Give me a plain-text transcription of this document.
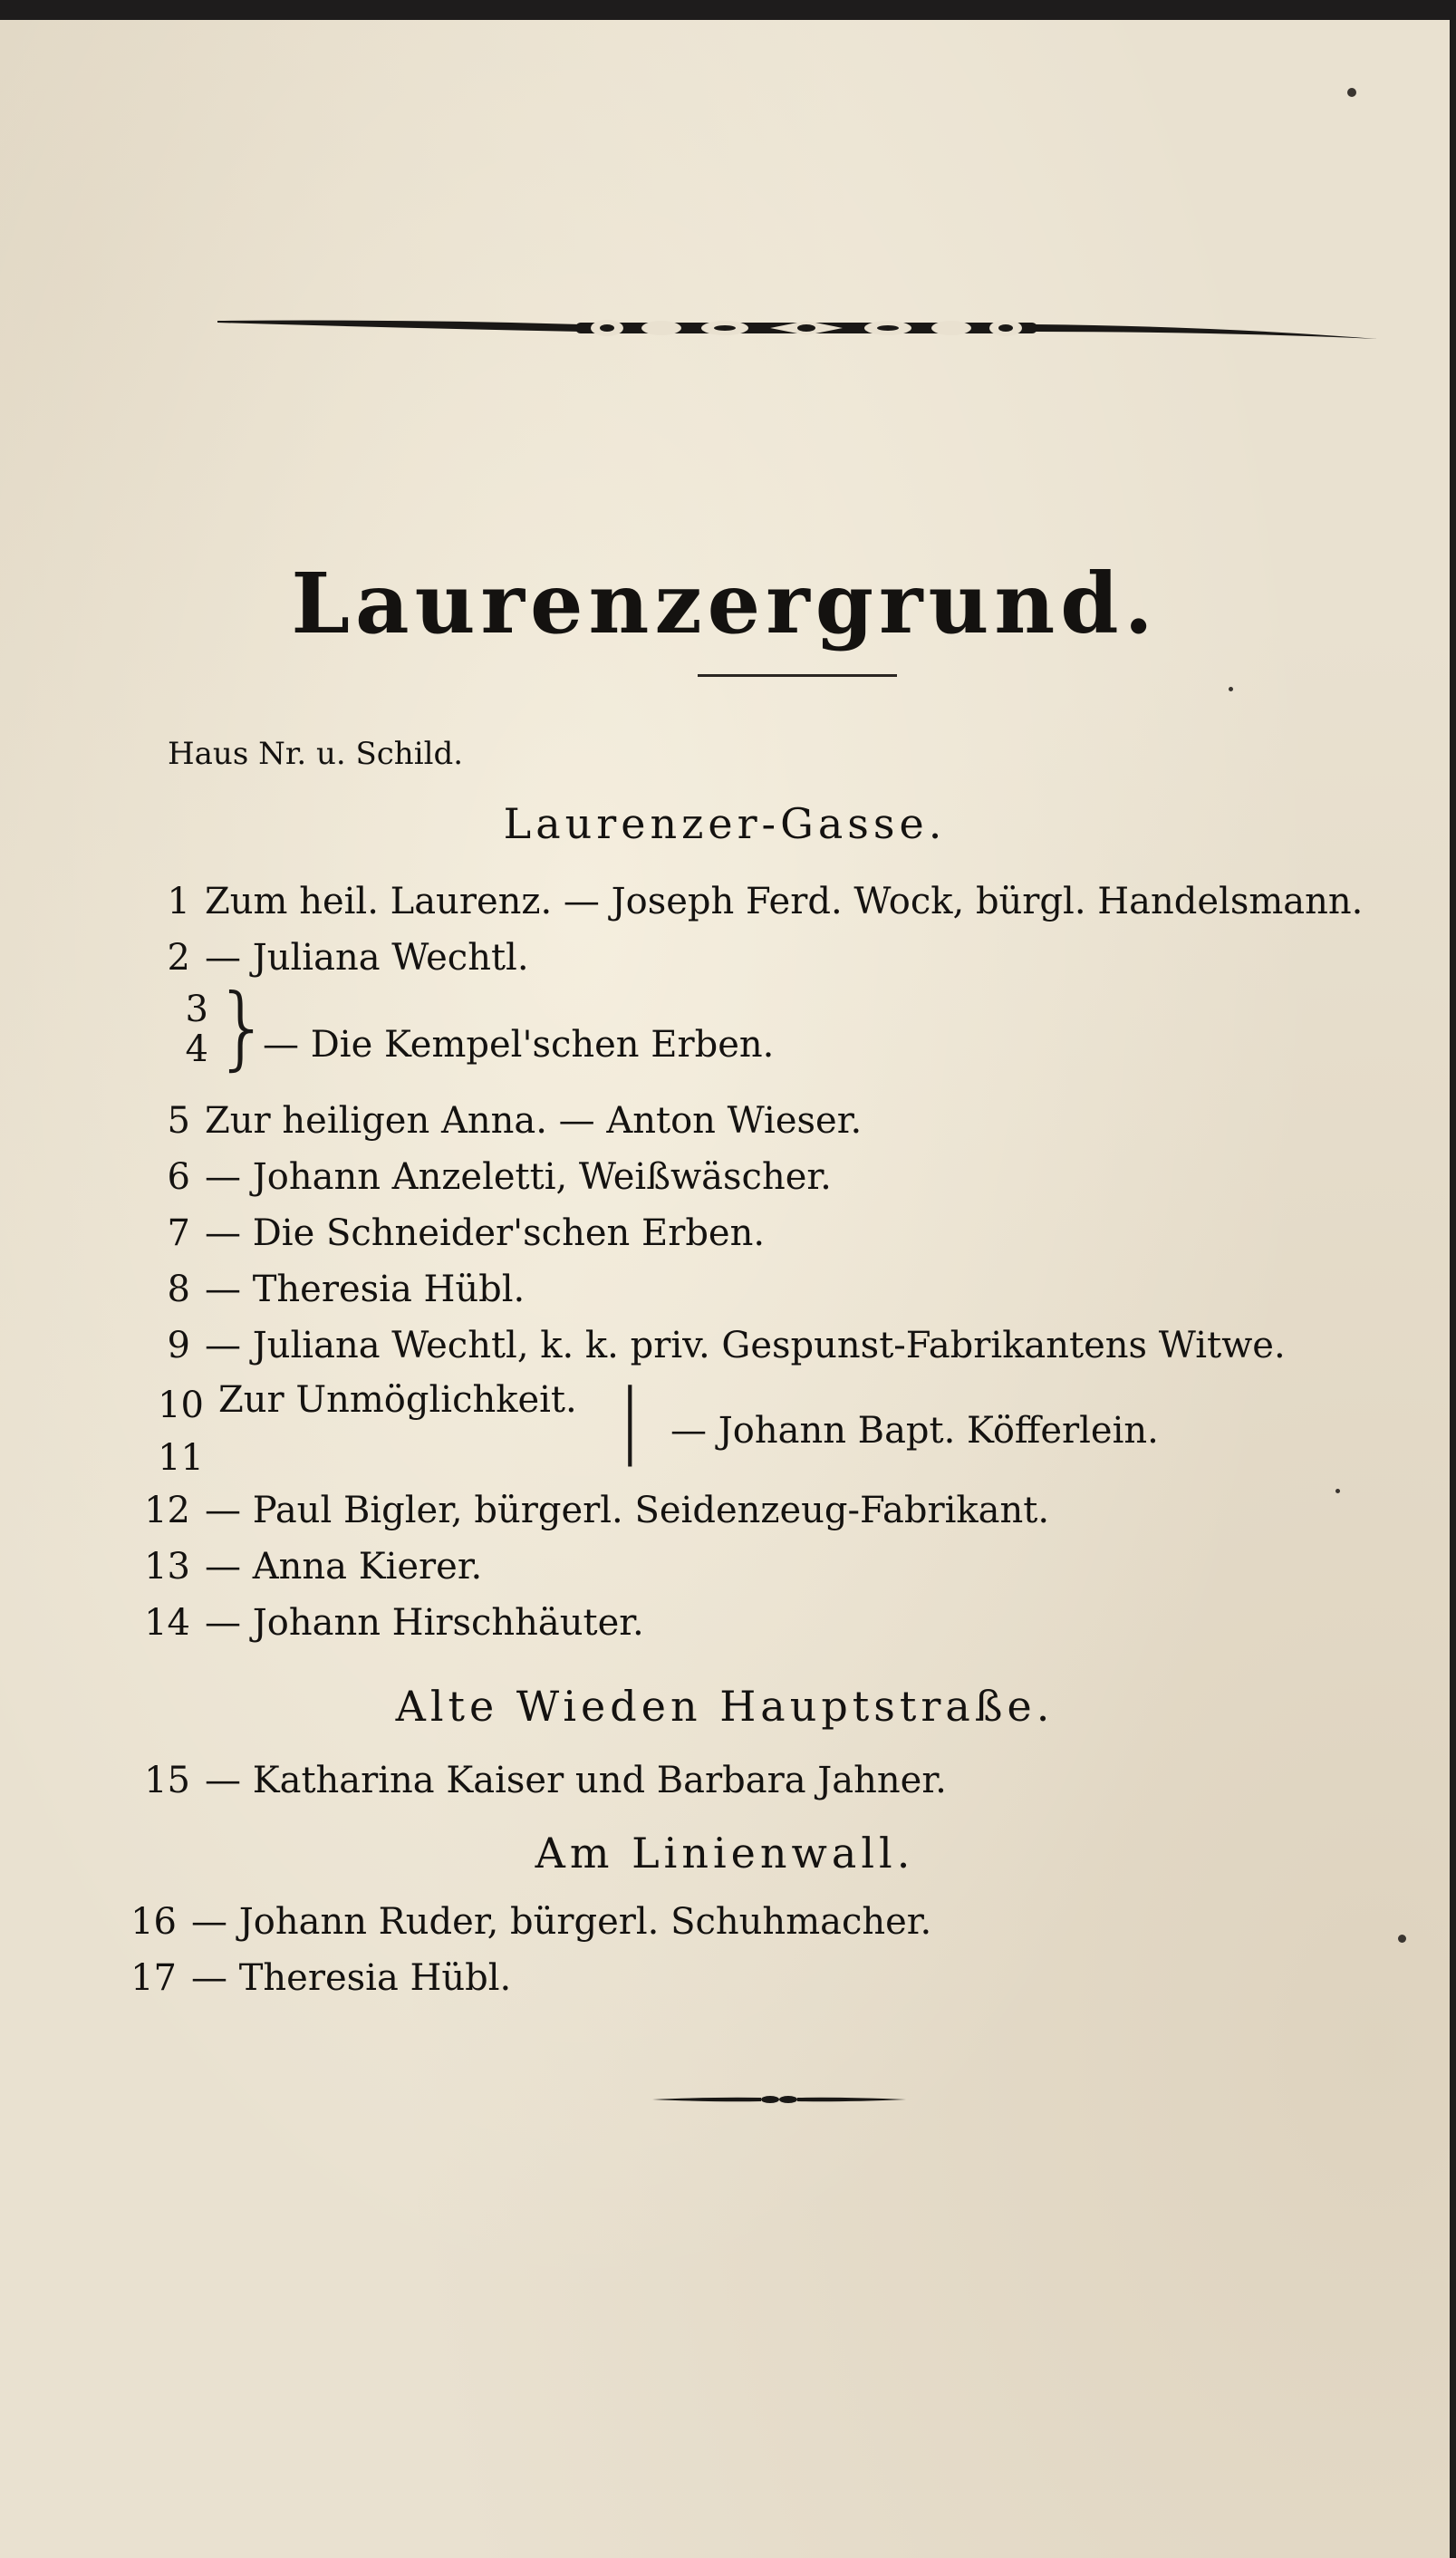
Laurenzergrund.
Haus Nr. u. Schild.
Laurenzer-Gasse.
1 Zum heil. Laurenz. — Joseph Ferd. Wock, bürgl. Handelsmann.
2 — Juliana Wechtl.
3
4 }
— Die Kempel'schen Erben.
5 Zur heiligen Anna. — Anton Wieser.
6 — Johann Anzeletti, Weißwäscher.
7 — Die Schneider'schen Erben.
8 — Theresia Hübl.
9 — Juliana Wechtl, k. k. priv. Gespunst-Fabrikantens Witwe.
10
11
Zur Unmöglichkeit. | — Johann Bapt. Köfferlein.
12 — Paul Bigler, bürgerl. Seidenzeug-Fabrikant.
13 — Anna Kierer.
14 — Johann Hirschhäuter.
Alte Wieden Hauptstraße.
15 — Katharina Kaiser und Barbara Jahner.
Am Linienwall.
16 — Johann Ruder, bürgerl. Schuhmacher.
17 — Theresia Hübl.
